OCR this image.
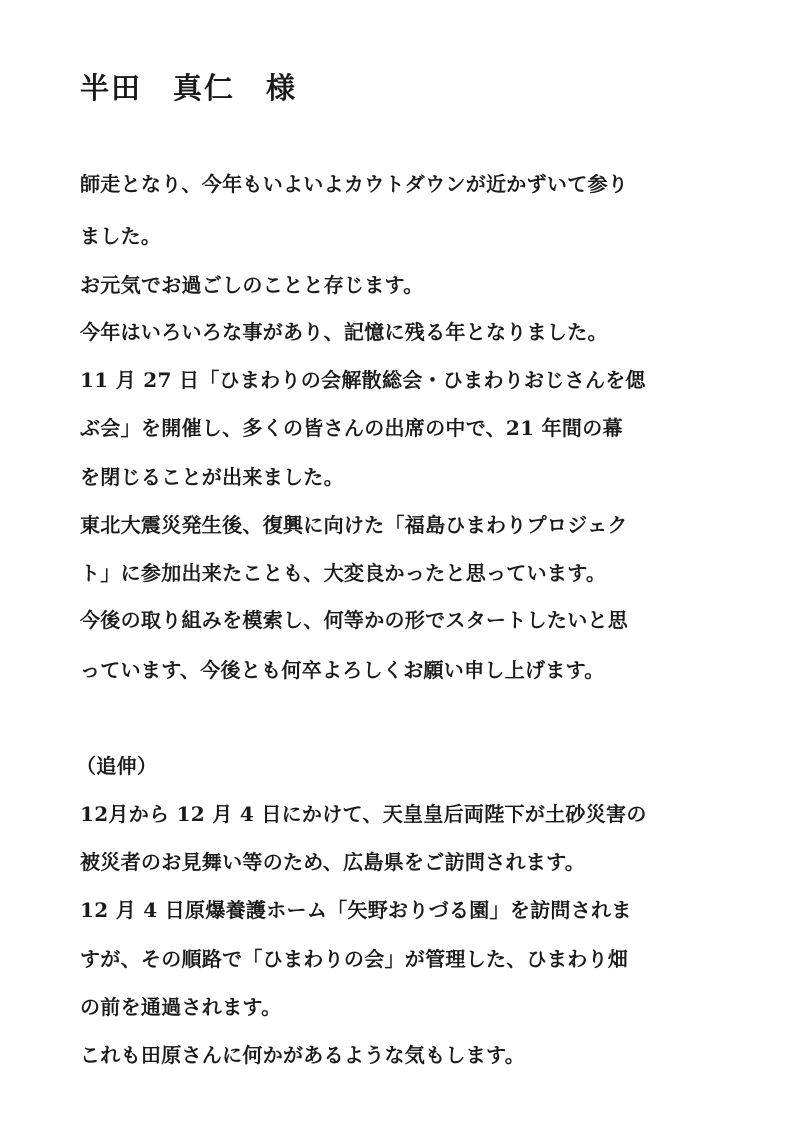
半田　真仁　様
師走となり、今年もいよいよカウトダウンが近かずいて参り
ました。
お元気でお過ごしのことと存じます。
今年はいろいろな事があり、記憶に残る年となりました。
11 月 27 日「ひまわりの会解散総会・ひまわりおじさんを偲
ぶ会」を開催し、多くの皆さんの出席の中で、21 年間の幕
を閉じることが出来ました。
東北大震災発生後、復興に向けた「福島ひまわりプロジェク
ト」に参加出来たことも、大変良かったと思っています。
今後の取り組みを模索し、何等かの形でスタートしたいと思
っています、今後とも何卒よろしくお願い申し上げます。
（追伸）
12月から 12 月 4 日にかけて、天皇皇后両陛下が土砂災害の
被災者のお見舞い等のため、広島県をご訪問されます。
12 月 4 日原爆養護ホーム「矢野おりづる園」を訪問されま
すが、その順路で「ひまわりの会」が管理した、ひまわり畑
の前を通過されます。
これも田原さんに何かがあるような気もします。
